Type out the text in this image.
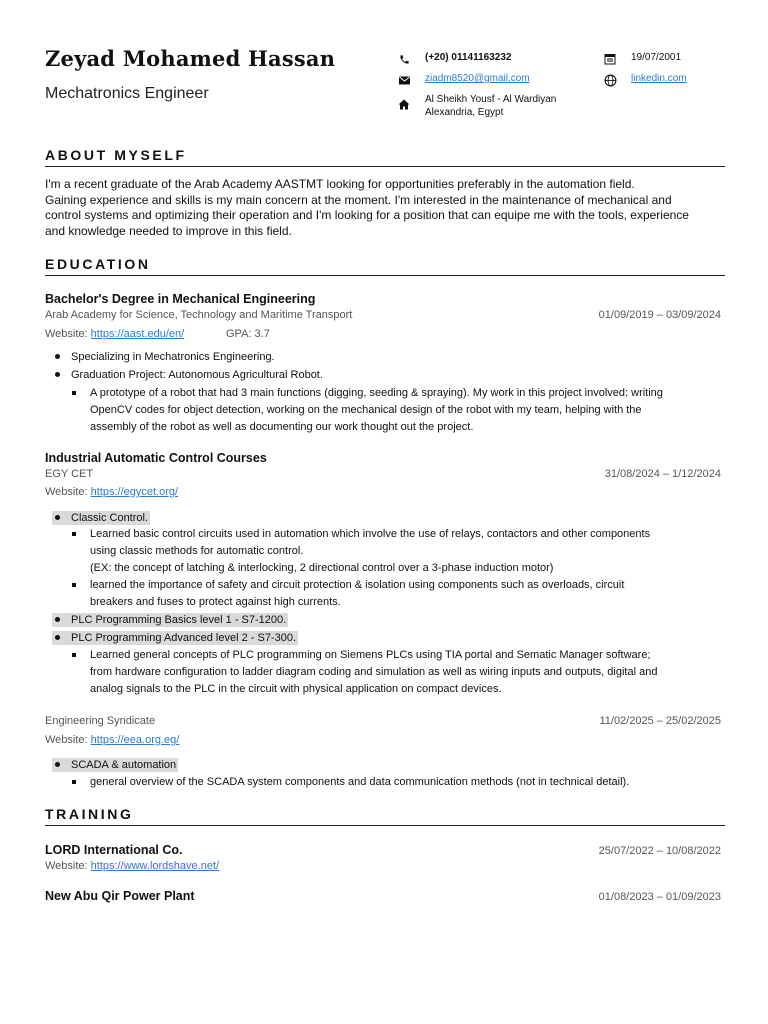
Zeyad Mohamed Hassan

Mechatronics Engineer

(+20) 01141163232
ziadm8520@gmail.com
Al Sheikh Yousf - Al Wardiyan
Alexandria, Egypt
19/07/2001
linkedin.com
ABOUT MYSELF
I'm a recent graduate of the Arab Academy AASTMT looking for opportunities preferably in the automation field.
Gaining experience and skills is my main concern at the moment. I'm interested in the maintenance of mechanical and
control systems and optimizing their operation and I'm looking for a position that can equipe me with the tools, experience
and knowledge needed to improve in this field.
EDUCATION
Bachelor's Degree in Mechanical Engineering
Arab Academy for Science, Technology and Maritime Transport	01/09/2019 – 03/09/2024
Website: https://aast.edu/en/	GPA: 3.7
Specializing in Mechatronics Engineering.
Graduation Project: Autonomous Agricultural Robot.
A prototype of a robot that had 3 main functions (digging, seeding & spraying). My work in this project involved: writing
OpenCV codes for object detection, working on the mechanical design of the robot with my team, helping with the
assembly of the robot as well as documenting our work thought out the project.
Industrial Automatic Control Courses
EGY CET	31/08/2024 – 1/12/2024
Website: https://egycet.org/
Classic Control.
Learned basic control circuits used in automation which involve the use of relays, contactors and other components
using classic methods for automatic control.
(EX: the concept of latching & interlocking, 2 directional control over a 3-phase induction motor)
learned the importance of safety and circuit protection & isolation using components such as overloads, circuit
breakers and fuses to protect against high currents.
PLC Programming Basics level 1 - S7-1200.
PLC Programming Advanced level 2 - S7-300.
Learned general concepts of PLC programming on Siemens PLCs using TIA portal and Sematic Manager software;
from hardware configuration to ladder diagram coding and simulation as well as wiring inputs and outputs, digital and
analog signals to the PLC in the circuit with physical application on compact devices.
Engineering Syndicate	11/02/2025 – 25/02/2025
Website: https://eea.org.eg/
SCADA & automation
general overview of the SCADA system components and data communication methods (not in technical detail).
TRAINING
LORD International Co.	25/07/2022 – 10/08/2022
Website: https://www.lordshave.net/
New Abu Qir Power Plant	01/08/2023 – 01/09/2023
